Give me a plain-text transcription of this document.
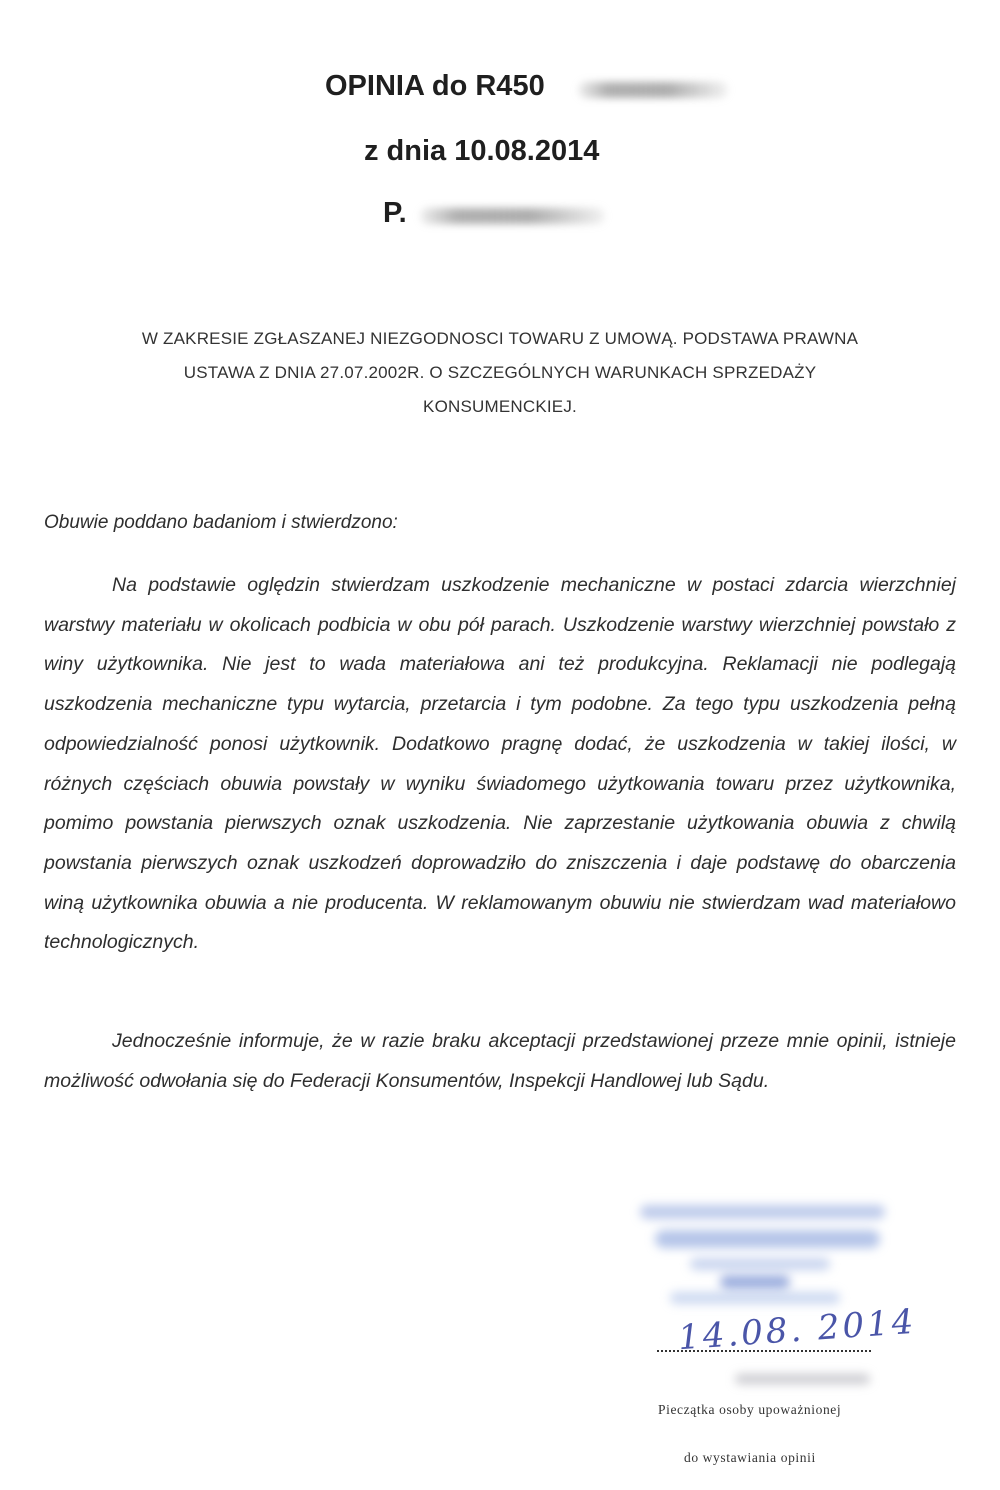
OPINIA do R450
z dnia 10.08.2014
P.
W ZAKRESIE ZGŁASZANEJ NIEZGODNOSCI TOWARU Z UMOWĄ. PODSTAWA PRAWNA
USTAWA Z DNIA 27.07.2002R. O SZCZEGÓLNYCH WARUNKACH SPRZEDAŻY
KONSUMENCKIEJ.
Obuwie poddano badaniom i stwierdzono:

Na podstawie oględzin stwierdzam uszkodzenie mechaniczne w postaci zdarcia wierzchniej warstwy materiału w okolicach podbicia w obu pół parach. Uszkodzenie warstwy wierzchniej powstało z winy użytkownika. Nie jest to wada materiałowa ani też produkcyjna. Reklamacji nie podlegają uszkodzenia mechaniczne typu wytarcia, przetarcia i tym podobne. Za tego typu uszkodzenia pełną odpowiedzialność ponosi użytkownik. Dodatkowo pragnę dodać, że uszkodzenia w takiej ilości, w różnych częściach obuwia powstały w wyniku świadomego użytkowania towaru przez użytkownika, pomimo powstania pierwszych oznak uszkodzenia. Nie zaprzestanie użytkowania obuwia z chwilą powstania pierwszych oznak uszkodzeń doprowadziło do zniszczenia i daje podstawę do obarczenia winą użytkownika obuwia a nie producenta. W reklamowanym obuwiu nie stwierdzam wad materiałowo technologicznych.

Jednocześnie informuje, że w razie braku akceptacji przedstawionej przeze mnie opinii, istnieje możliwość odwołania się do Federacji Konsumentów, Inspekcji Handlowej lub Sądu.

14.08. 2014
Pieczątka osoby upoważnionej
do wystawiania opinii
